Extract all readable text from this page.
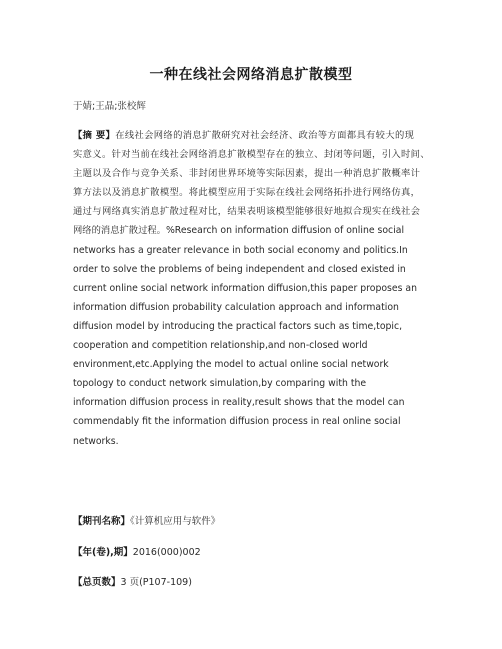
一种在线社会网络消息扩散模型
于婧;王晶;张校辉
【摘 要】在线社会网络的消息扩散研究对社会经济、政治等方面都具有较大的现
实意义。针对当前在线社会网络消息扩散模型存在的独立、封闭等问题，引入时间、
主题以及合作与竞争关系、非封闭世界环境等实际因素，提出一种消息扩散概率计
算方法以及消息扩散模型。将此模型应用于实际在线社会网络拓扑进行网络仿真，
通过与网络真实消息扩散过程对比，结果表明该模型能够很好地拟合现实在线社会
网络的消息扩散过程。%Research on information diffusion of online social
networks has a greater relevance in both social economy and politics.In
order to solve the problems of being independent and closed existed in
current online social network information diffusion,this paper proposes an
information diffusion probability calculation approach and information
diffusion model by introducing the practical factors such as time,topic,
cooperation and competition relationship,and non-closed world
environment,etc.Applying the model to actual online social network
topology to conduct network simulation,by comparing with the
information diffusion process in reality,result shows that the model can
commendably fit the information diffusion process in real online social
networks.
【期刊名称】《计算机应用与软件》
【年(卷),期】2016(000)002
【总页数】3 页(P107-109)
